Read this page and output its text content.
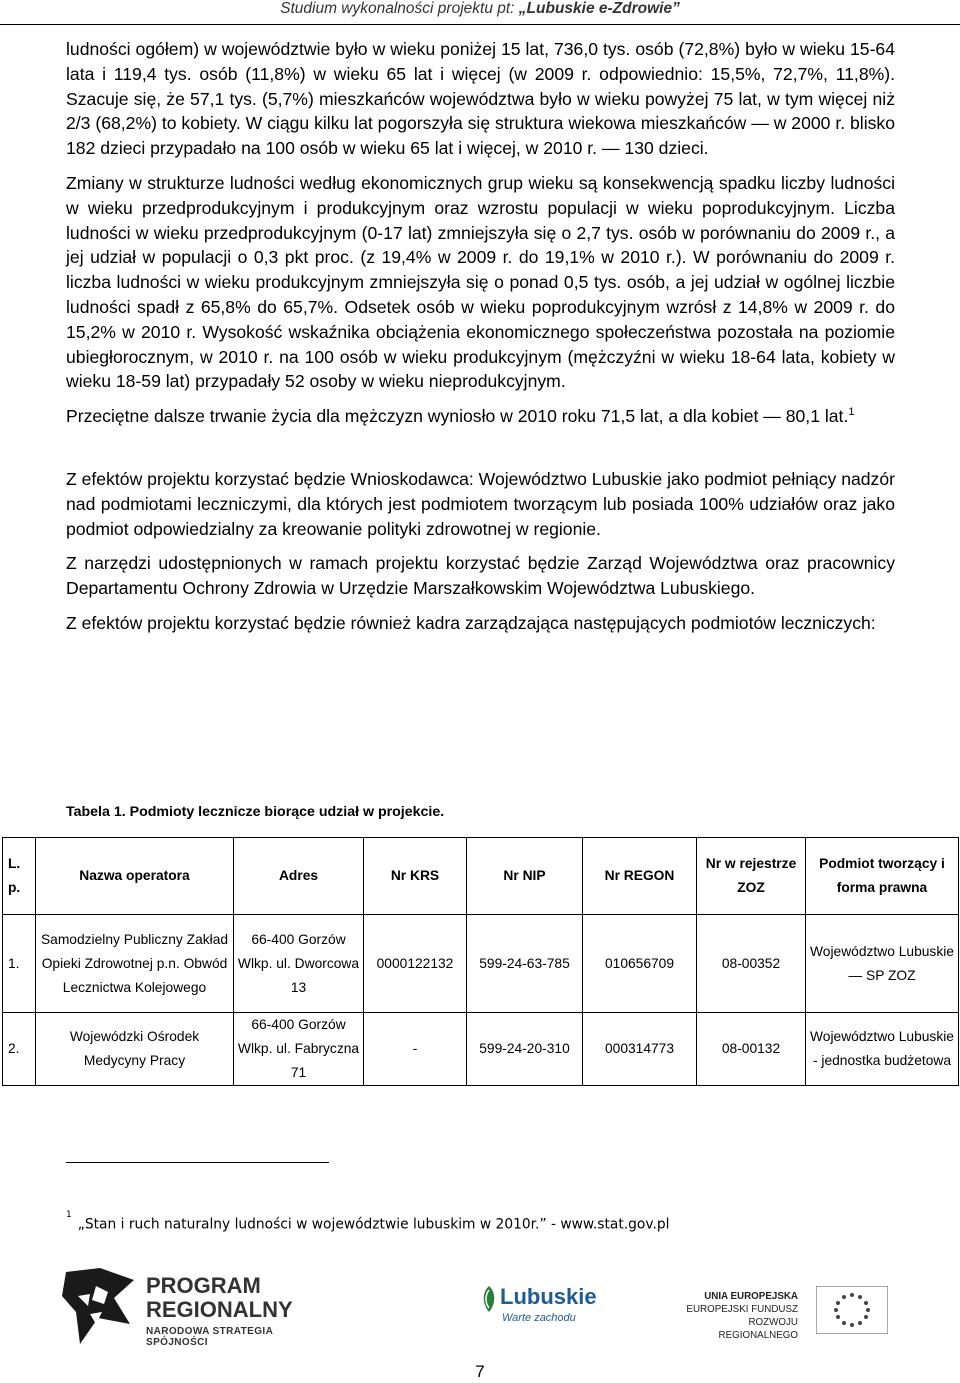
Studium wykonalności projektu pt: „Lubuskie e-Zdrowie”

ludności ogółem) w województwie było w wieku poniżej 15 lat, 736,0 tys. osób (72,8%) było w wieku 15-64 lata i 119,4 tys. osób (11,8%) w wieku 65 lat i więcej (w 2009 r. odpowiednio: 15,5%, 72,7%, 11,8%). Szacuje się, że 57,1 tys. (5,7%) mieszkańców województwa było w wieku powyżej 75 lat, w tym więcej niż 2/3 (68,2%) to kobiety. W ciągu kilku lat pogorszyła się struktura wiekowa mieszkańców — w 2000 r. blisko 182 dzieci przypadało na 100 osób w wieku 65 lat i więcej, w 2010 r. — 130 dzieci.

Zmiany w strukturze ludności według ekonomicznych grup wieku są konsekwencją spadku liczby ludności w wieku przedprodukcyjnym i produkcyjnym oraz wzrostu populacji w wieku poprodukcyjnym. Liczba ludności w wieku przedprodukcyjnym (0-17 lat) zmniejszyła się o 2,7 tys. osób w porównaniu do 2009 r., a jej udział w populacji o 0,3 pkt proc. (z 19,4% w 2009 r. do 19,1% w 2010 r.). W porównaniu do 2009 r. liczba ludności w wieku produkcyjnym zmniejszyła się o ponad 0,5 tys. osób, a jej udział w ogólnej liczbie ludności spadł z 65,8% do 65,7%. Odsetek osób w wieku poprodukcyjnym wzrósł z 14,8% w 2009 r. do 15,2% w 2010 r. Wysokość wskaźnika obciążenia ekonomicznego społeczeństwa pozostała na poziomie ubiegłorocznym, w 2010 r. na 100 osób w wieku produkcyjnym (mężczyźni w wieku 18-64 lata, kobiety w wieku 18-59 lat) przypadały 52 osoby w wieku nieprodukcyjnym.

Przeciętne dalsze trwanie życia dla mężczyzn wyniosło w 2010 roku 71,5 lat, a dla kobiet — 80,1 lat.$^1$

Z efektów projektu korzystać będzie Wnioskodawca: Województwo Lubuskie jako podmiot pełniący nadzór nad podmiotami leczniczymi, dla których jest podmiotem tworzącym lub posiada 100% udziałów oraz jako podmiot odpowiedzialny za kreowanie polityki zdrowotnej w regionie.

Z narzędzi udostępnionych w ramach projektu korzystać będzie Zarząd Województwa oraz pracownicy Departamentu Ochrony Zdrowia w Urzędzie Marszałkowskim Województwa Lubuskiego.

Z efektów projektu korzystać będzie również kadra zarządzająca następujących podmiotów leczniczych:

Tabela 1. Podmioty lecznicze biorące udział w projekcie.
L. p.	Nazwa operatora	Adres	Nr KRS	Nr NIP	Nr REGON	Nr w rejestrze ZOZ	Podmiot tworzący i forma prawna
1.	Samodzielny Publiczny Zakład Opieki Zdrowotnej p.n. Obwód Lecznictwa Kolejowego	66-400 Gorzów Wlkp. ul. Dworcowa 13	0000122132	599-24-63-785	010656709	08-00352	Województwo Lubuskie — SP ZOZ
2.	Wojewódzki Ośrodek Medycyny Pracy	66-400 Gorzów Wlkp. ul. Fabryczna 71	-	599-24-20-310	000314773	08-00132	Województwo Lubuskie - jednostka budżetowa
$^1$„Stan i ruch naturalny ludności w województwie lubuskim w 2010r.” - www.stat.gov.pl
PROGRAM
REGIONALNY
NARODOWA STRATEGIA SPÓJNOŚCI
Lubuskie
Warte zachodu
UNIA EUROPEJSKA
EUROPEJSKI FUNDUSZ
ROZWOJU REGIONALNEGO
7
